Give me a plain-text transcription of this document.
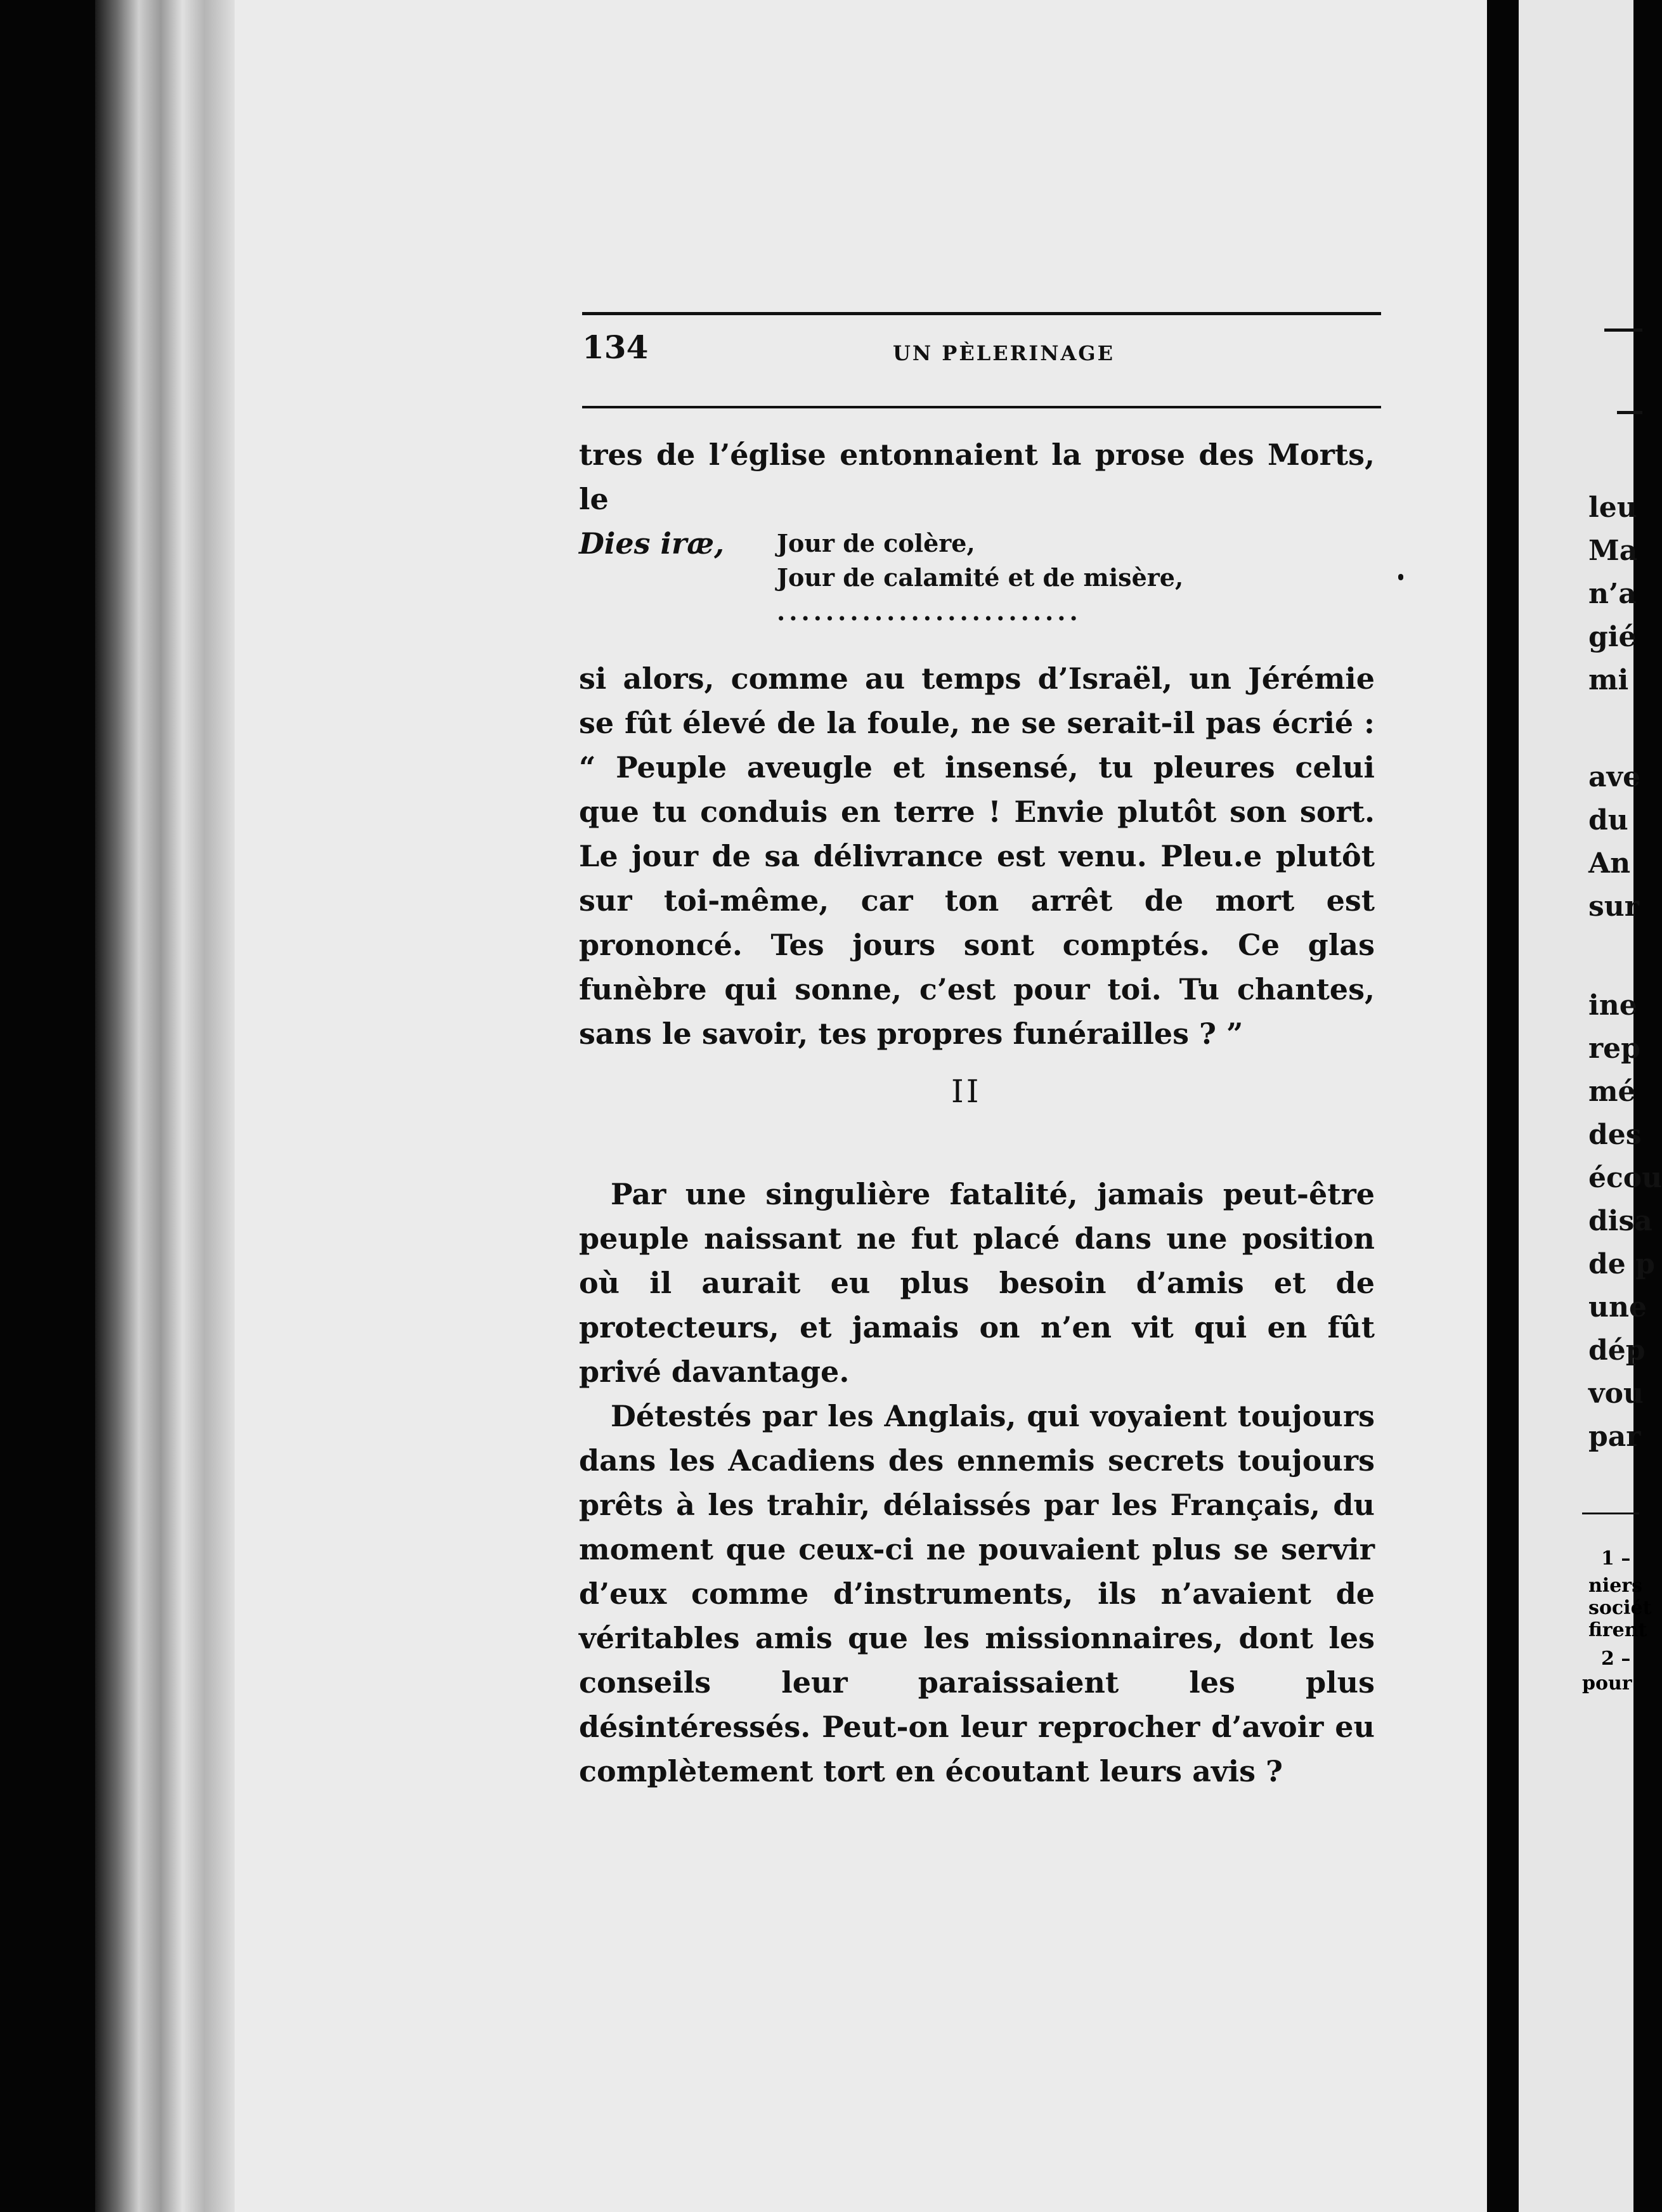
134	UN PÈLERINAGE

tres de l’église entonnaient la prose des Morts, le

Dies iræ,	Jour de colère,
Jour de calamité et de misère,
.........................

si alors, comme au temps d’Israël, un Jérémie se fût élevé de la foule, ne se serait-il pas écrié : “ Peuple aveugle et insensé, tu pleures celui que tu conduis en terre ! Envie plutôt son sort. Le jour de sa délivrance est venu. Pleu.e plutôt sur toi-même, car ton arrêt de mort est prononcé. Tes jours sont comptés. Ce glas funèbre qui sonne, c’est pour toi. Tu chantes, sans le savoir, tes propres funérailles ? ”

II

Par une singulière fatalité, jamais peut-être peuple naissant ne fut placé dans une position où il aurait eu plus besoin d’amis et de protecteurs, et jamais on n’en vit qui en fût privé davantage.

Détestés par les Anglais, qui voyaient toujours dans les Acadiens des ennemis secrets toujours prêts à les trahir, délaissés par les Français, du moment que ceux-ci ne pouvaient plus se servir d’eux comme d’instruments, ils n’avaient de véritables amis que les missionnaires, dont les conseils leur paraissaient les plus désintéressés. Peut-on leur reprocher d’avoir eu complètement tort en écoutant leurs avis ?

leu
Ma
n’a
gié
mi
ave
du
An
sur
ine
rep
mé
des
écou
disa
de p
une
dép
vou
par
1 –
niers
sociét
firent
2 –
pour
